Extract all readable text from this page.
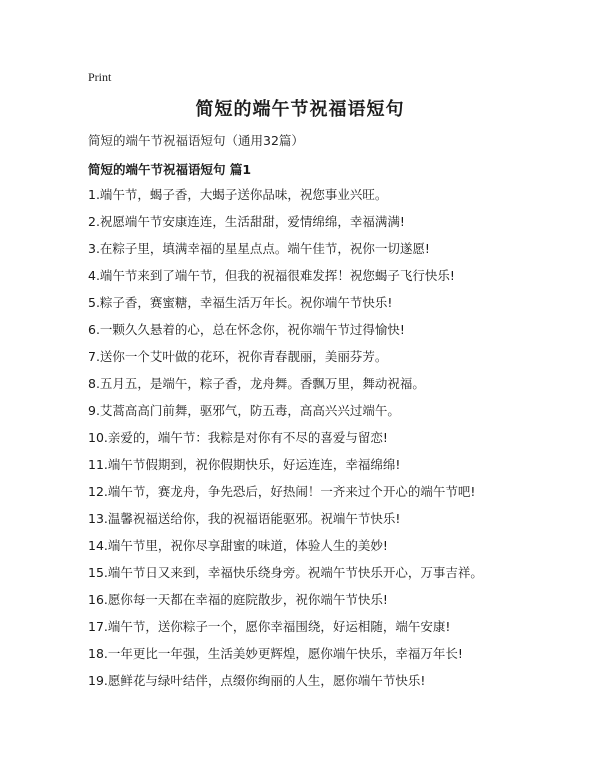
Print
简短的端午节祝福语短句
简短的端午节祝福语短句（通用32篇）
简短的端午节祝福语短句 篇1
1.端午节，蝎子香，大蝎子送你品味，祝您事业兴旺。
2.祝愿端午节安康连连，生活甜甜，爱情绵绵，幸福满满!
3.在粽子里，填满幸福的星星点点。端午佳节，祝你一切遂愿!
4.端午节来到了端午节，但我的祝福很难发挥！祝您蝎子飞行快乐!
5.粽子香，赛蜜糖，幸福生活万年长。祝你端午节快乐!
6.一颗久久悬着的心，总在怀念你，祝你端午节过得愉快!
7.送你一个艾叶做的花环，祝你青春靓丽，美丽芬芳。
8.五月五，是端午，粽子香，龙舟舞。香飘万里，舞动祝福。
9.艾蒿高高门前舞，驱邪气，防五毒，高高兴兴过端午。
10.亲爱的，端午节：我粽是对你有不尽的喜爱与留恋!
11.端午节假期到，祝你假期快乐，好运连连，幸福绵绵!
12.端午节，赛龙舟，争先恐后，好热闹！一齐来过个开心的端午节吧!
13.温馨祝福送给你，我的祝福语能驱邪。祝端午节快乐!
14.端午节里，祝你尽享甜蜜的味道，体验人生的美妙!
15.端午节日又来到，幸福快乐绕身旁。祝端午节快乐开心，万事吉祥。
16.愿你每一天都在幸福的庭院散步，祝你端午节快乐!
17.端午节，送你粽子一个，愿你幸福围绕，好运相随，端午安康!
18.一年更比一年强，生活美妙更辉煌，愿你端午快乐，幸福万年长!
19.愿鲜花与绿叶结伴，点缀你绚丽的人生，愿你端午节快乐!
